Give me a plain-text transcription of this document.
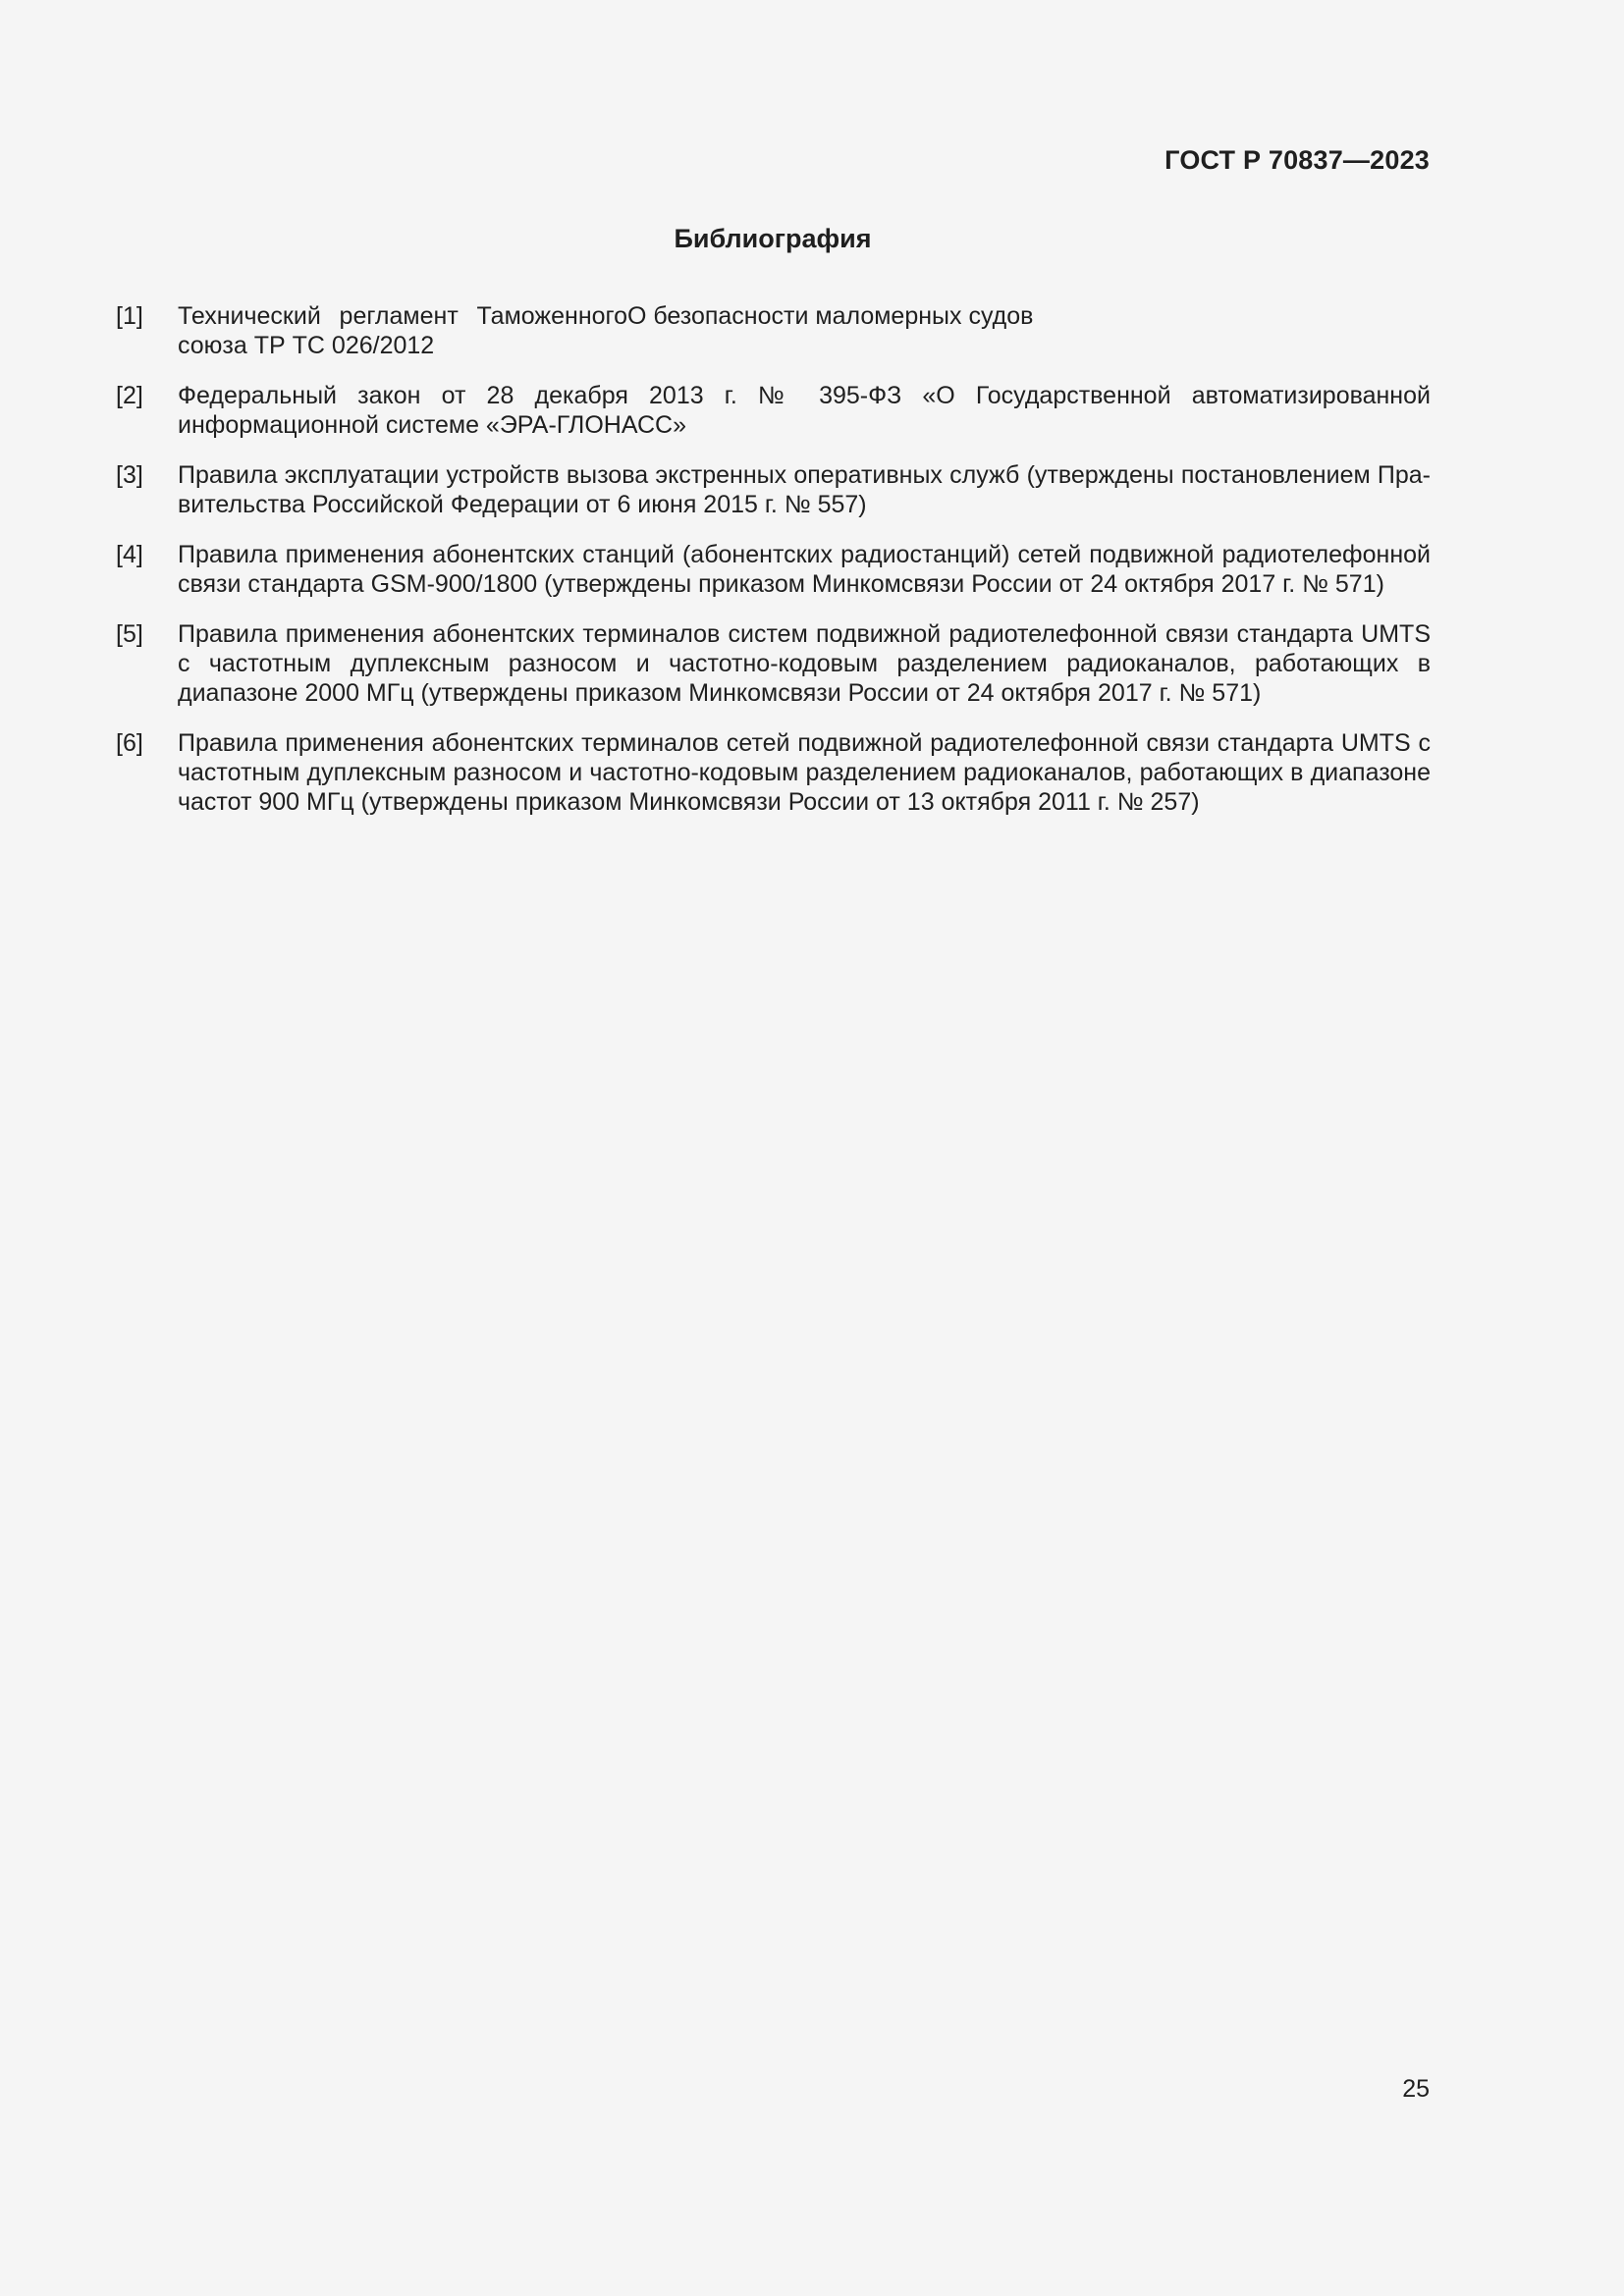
ГОСТ Р 70837—2023
Библиография
[1] Технический регламент Таможенного союза ТР ТС 026/2012
О безопасности маломерных судов
[2] Федеральный закон от 28 декабря 2013 г. № 395-ФЗ «О Государственной автоматизированной информационной системе «ЭРА-ГЛОНАСС»
[3] Правила эксплуатации устройств вызова экстренных оперативных служб (утверждены постановлением Правительства Российской Федерации от 6 июня 2015 г. № 557)
[4] Правила применения абонентских станций (абонентских радиостанций) сетей подвижной радиотелефонной связи стандарта GSM-900/1800 (утверждены приказом Минкомсвязи России от 24 октября 2017 г. № 571)
[5] Правила применения абонентских терминалов систем подвижной радиотелефонной связи стандарта UMTS с частотным дуплексным разносом и частотно-кодовым разделением радиоканалов, работающих в диапазоне 2000 МГц (утверждены приказом Минкомсвязи России от 24 октября 2017 г. № 571)
[6] Правила применения абонентских терминалов сетей подвижной радиотелефонной связи стандарта UMTS с частотным дуплексным разносом и частотно-кодовым разделением радиоканалов, работающих в диапазоне частот 900 МГц (утверждены приказом Минкомсвязи России от 13 октября 2011 г. № 257)
25
